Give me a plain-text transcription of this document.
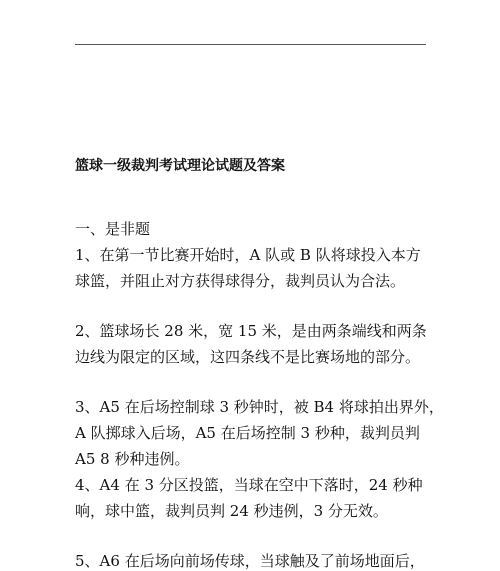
篮球一级裁判考试理论试题及答案
一、是非题
1、在第一节比赛开始时，A 队或 B 队将球投入本方
球篮，并阻止对方获得球得分，裁判员认为合法。
2、篮球场长 28 米，宽 15 米，是由两条端线和两条
边线为限定的区域，这四条线不是比赛场地的部分。
3、A5 在后场控制球 3 秒钟时，被 B4 将球拍出界外，
A 队掷球入后场，A5 在后场控制 3 秒种，裁判员判
A5 8 秒种违例。
4、A4 在 3 分区投篮，当球在空中下落时，24 秒种
响，球中篮，裁判员判 24 秒违例，3 分无效。
5、A6 在后场向前场传球，当球触及了前场地面后，
